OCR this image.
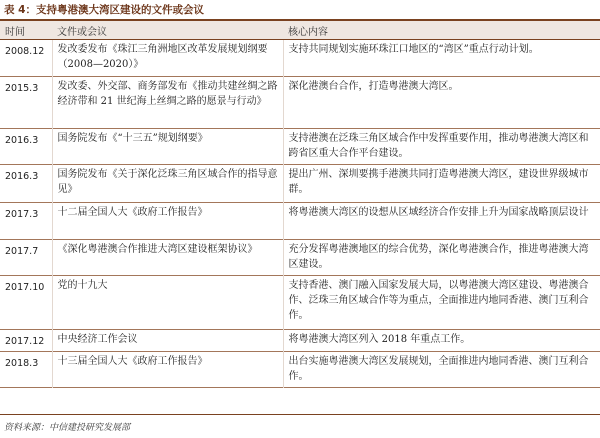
表 4：支持粤港澳大湾区建设的文件或会议
时间	文件或会议	核心内容
2008.12	发改委发布《珠江三角洲地区改革发展规划纲要（2008—2020）》	支持共同规划实施环珠江口地区的“湾区”重点行动计划。
2015.3	发改委、外交部、商务部发布《推动共建丝绸之路经济带和 21 世纪海上丝绸之路的愿景与行动》	深化港澳台合作，打造粤港澳大湾区。
2016.3	国务院发布《“十三五”规划纲要》	支持港澳在泛珠三角区域合作中发挥重要作用，推动粤港澳大湾区和跨省区重大合作平台建设。
2016.3	国务院发布《关于深化泛珠三角区域合作的指导意见》	提出广州、深圳要携手港澳共同打造粤港澳大湾区，建设世界级城市群。
2017.3	十二届全国人大《政府工作报告》	将粤港澳大湾区的设想从区域经济合作安排上升为国家战略顶层设计
2017.7	《深化粤港澳合作推进大湾区建设框架协议》	充分发挥粤港澳地区的综合优势，深化粤港澳合作，推进粤港澳大湾区建设。
2017.10	党的十九大	支持香港、澳门融入国家发展大局，以粤港澳大湾区建设、粤港澳合作、泛珠三角区域合作等为重点，全面推进内地同香港、澳门互利合作。
2017.12	中央经济工作会议	将粤港澳大湾区列入 2018 年重点工作。
2018.3	十三届全国人大《政府工作报告》	出台实施粤港澳大湾区发展规划，全面推进内地同香港、澳门互利合作。
资料来源：中信建投研究发展部
